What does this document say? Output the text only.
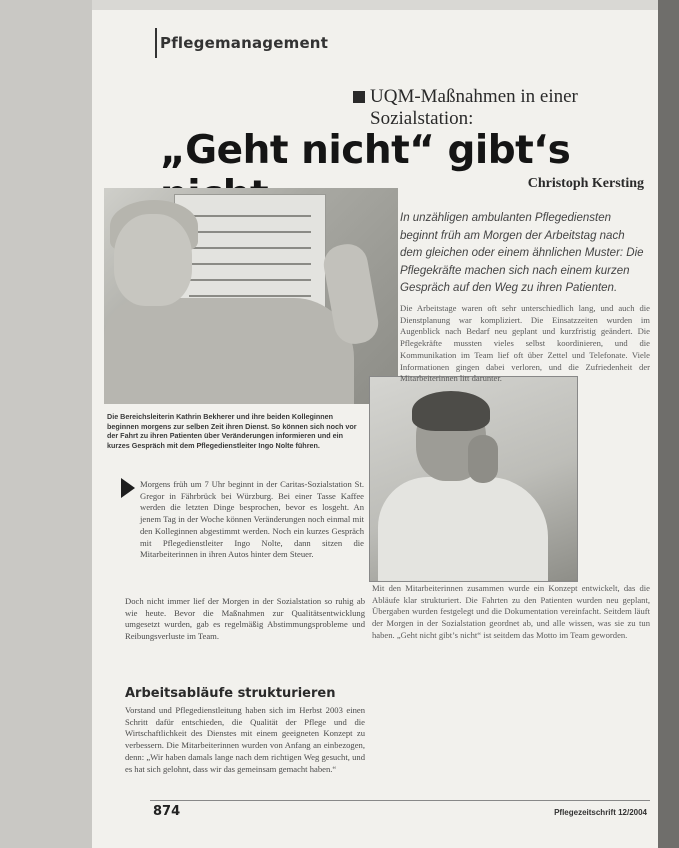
Pflegemanagement
UQM-Maßnahmen in einer Sozialstation:
„Geht nicht“ gibt‘s
Christoph Kersting
In unzähligen ambulanten Pflegediensten beginnt früh am Morgen der Arbeitstag nach dem gleichen oder einem ähnlichen Muster: Die Pflegekräfte machen sich nach einem kurzen Gespräch auf den Weg zu ihren Patienten.
Die Bereichsleiterin Kathrin Bekherer und ihre beiden Kolleginnen beginnen morgens zur selben Zeit ihren Dienst. So können sich noch vor der Fahrt zu ihren Patienten über Veränderungen informieren und ein kurzes Gespräch mit dem Pflegedienstleiter Ingo Nolte führen.
Morgens früh um 7 Uhr beginnt in der Caritas-Sozialstation St. Gregor in Fährbrück bei Würzburg. Bei einer Tasse Kaffee werden die letzten Dinge besprochen, bevor es losgeht. An jenem Tag in der Woche können Veränderungen noch einmal mit den Kolleginnen abgestimmt werden. Noch ein kurzes Gespräch mit Pflegedienstleiter Ingo Nolte, dann sitzen die Mitarbeiterinnen in ihren Autos hinter dem Steuer.
Doch nicht immer lief der Morgen in der Sozialstation so ruhig ab wie heute. Bevor die Maßnahmen zur Qualitätsentwicklung umgesetzt wurden, gab es regelmäßig Abstimmungsprobleme und Reibungsverluste im Team.
Arbeitsabläufe strukturieren
Vorstand und Pflegedienstleitung haben sich im Herbst 2003 einen Schritt dafür entschieden, die Qualität der Pflege und die Wirtschaftlichkeit des Dienstes mit einem geeigneten Konzept zu verbessern. Die Mitarbeiterinnen wurden von Anfang an einbezogen, denn: „Wir haben damals lange nach dem richtigen Weg gesucht, und es hat sich gelohnt, dass wir das gemeinsam gemacht haben.“
Die Arbeitstage waren oft sehr unterschiedlich lang, und auch die Dienstplanung war kompliziert. Die Einsatzzeiten wurden im Augenblick nach Bedarf neu geplant und kurzfristig geändert. Die Pflegekräfte mussten vieles selbst koordinieren, und die Kommunikation im Team lief oft über Zettel und Telefonate. Viele Informationen gingen dabei verloren, und die Zufriedenheit der Mitarbeiterinnen litt darunter.
Mit den Mitarbeiterinnen zusammen wurde ein Konzept entwickelt, das die Abläufe klar strukturiert. Die Fahrten zu den Patienten wurden neu geplant, Übergaben wurden festgelegt und die Dokumentation vereinfacht. Seitdem läuft der Morgen in der Sozialstation geordnet ab, und alle wissen, was sie zu tun haben. „Geht nicht gibt’s nicht“ ist seitdem das Motto im Team geworden.
874	Pflegezeitschrift 12/2004
